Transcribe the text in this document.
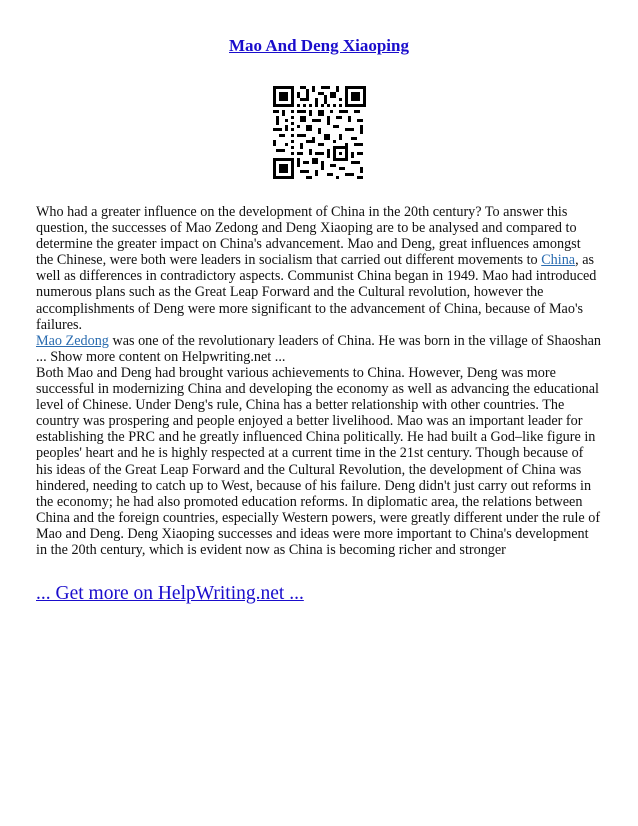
Mao And Deng Xiaoping

Who had a greater influence on the development of China in the 20th century? To answer this question, the successes of Mao Zedong and Deng Xiaoping are to be analysed and compared to determine the greater impact on China's advancement. Mao and Deng, great influences amongst the Chinese, were both were leaders in socialism that carried out different movements to China, as well as differences in contradictory aspects. Communist China began in 1949. Mao had introduced numerous plans such as the Great Leap Forward and the Cultural revolution, however the accomplishments of Deng were more significant to the advancement of China, because of Mao's failures.

Mao Zedong was one of the revolutionary leaders of China. He was born in the village of Shaoshan ... Show more content on Helpwriting.net ...

Both Mao and Deng had brought various achievements to China. However, Deng was more successful in modernizing China and developing the economy as well as advancing the educational level of Chinese. Under Deng's rule, China has a better relationship with other countries. The country was prospering and people enjoyed a better livelihood. Mao was an important leader for establishing the PRC and he greatly influenced China politically. He had built a God–like figure in peoples' heart and he is highly respected at a current time in the 21st century. Though because of his ideas of the Great Leap Forward and the Cultural Revolution, the development of China was hindered, needing to catch up to West, because of his failure. Deng didn't just carry out reforms in the economy; he had also promoted education reforms. In diplomatic area, the relations between China and the foreign countries, especially Western powers, were greatly different under the rule of Mao and Deng. Deng Xiaoping successes and ideas were more important to China's development in the 20th century, which is evident now as China is becoming richer and stronger

... Get more on HelpWriting.net ...
